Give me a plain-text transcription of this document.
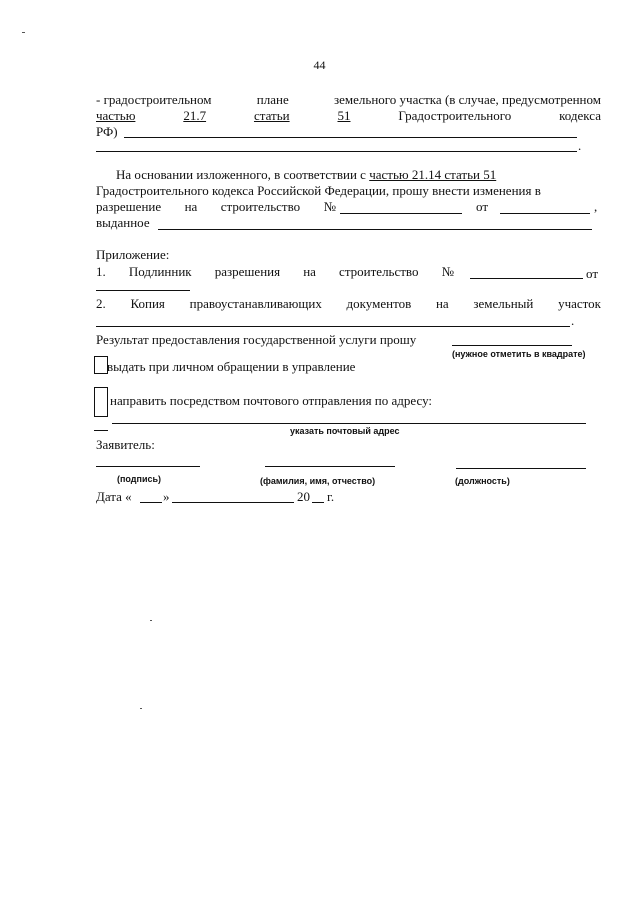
44
- градостроительном	плане	земельного участка (в случае, предусмотренном
частью	21.7	статьи	51	Градостроительного	кодекса
РФ)
.
На основании изложенного, в соответствии с частью 21.14 статьи 51
Градостроительного кодекса Российской Федерации, прошу внести изменения в
разрешение на строительство №	от	,
выданное
Приложение:
1. Подлинник разрешения на строительство №	от
2. Копия правоустанавливающих документов на земельный участок
.
Результат предоставления государственной услуги прошу
(нужное отметить в квадрате)
выдать при личном обращении в управление
направить посредством почтового отправления по адресу:
указать почтовый адрес
Заявитель:
(подпись)	(фамилия, имя, отчество)	(должность)
Дата « »	20 г.
